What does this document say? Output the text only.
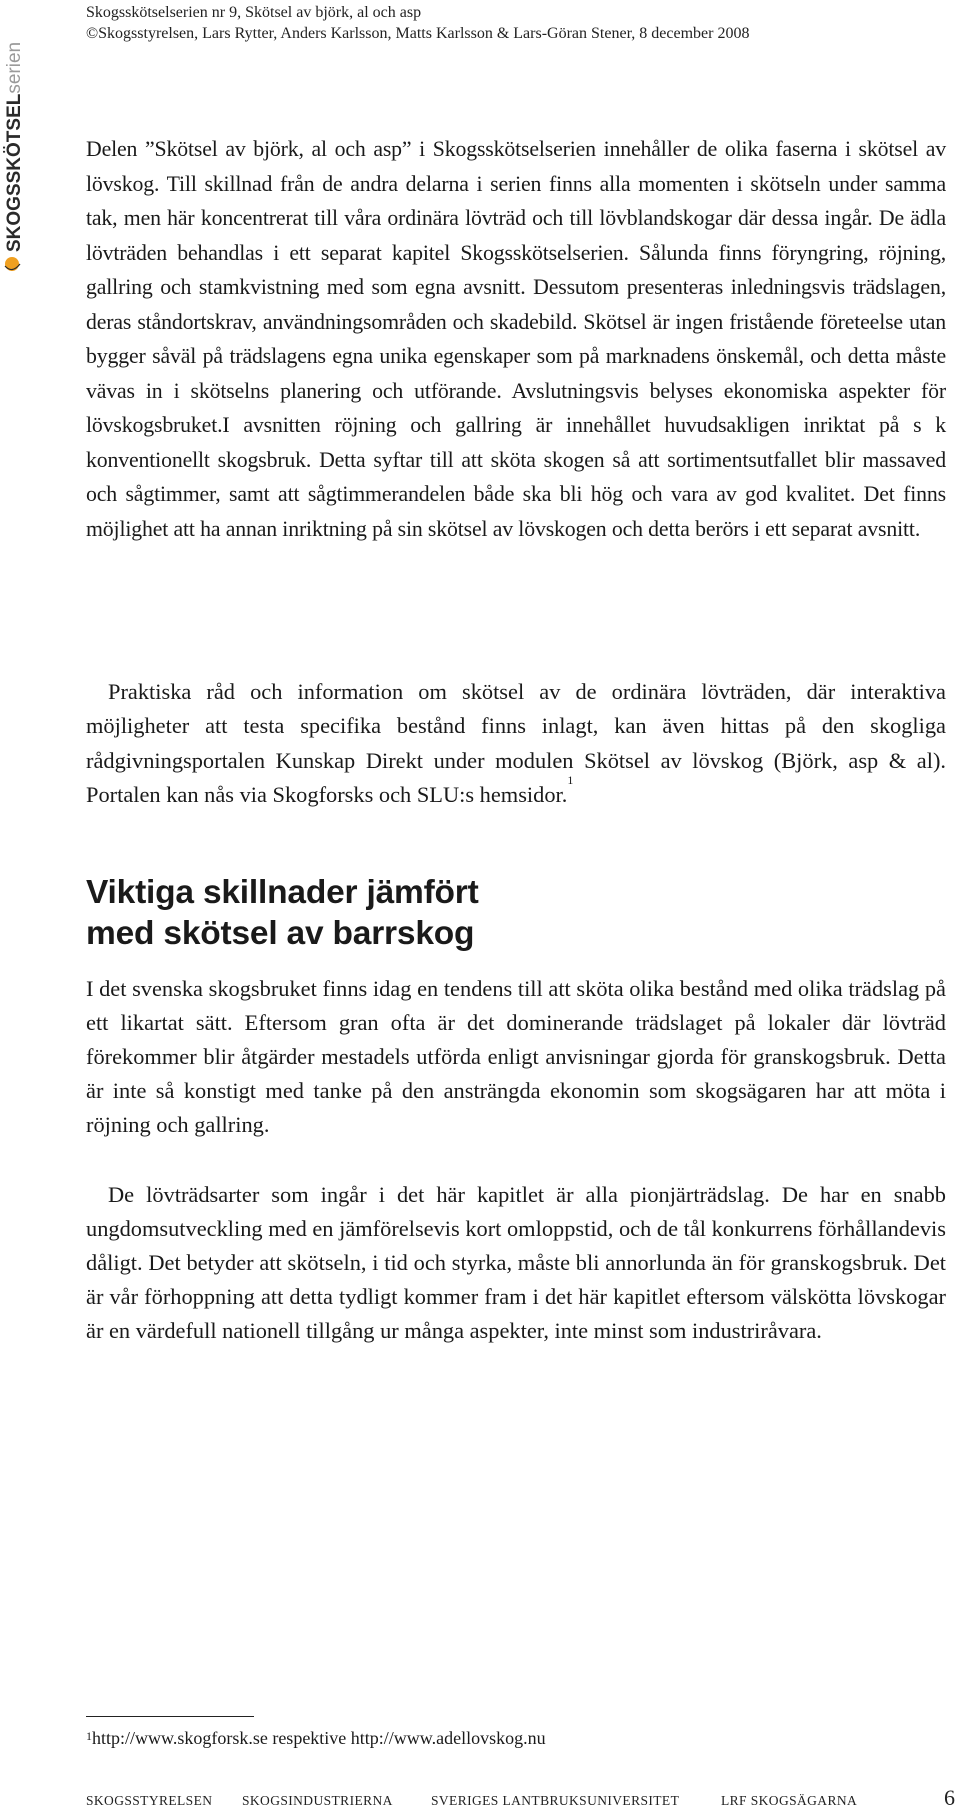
Skogsskötselserien nr 9, Skötsel av björk, al och asp
©Skogsstyrelsen, Lars Rytter, Anders Karlsson, Matts Karlsson & Lars-Göran Stener, 8 december 2008
SKOGSSKÖTSELserien
Delen ”Skötsel av björk, al och asp” i Skogsskötselserien innehåller de olika faserna i skötsel av lövskog. Till skillnad från de andra delarna i serien finns alla momenten i skötseln under samma tak, men här koncentrerat till våra ordinära lövträd och till lövblandskogar där dessa ingår. De ädla lövträden behandlas i ett separat kapitel Skogsskötselserien. Sålunda finns föryngring, röjning, gallring och stamkvistning med som egna avsnitt. Dessutom presenteras inledningsvis trädslagen, deras ståndortskrav, användningsområden och skadebild. Skötsel är ingen fristående företeelse utan bygger såväl på trädslagens egna unika egenskaper som på marknadens önskemål, och detta måste vävas in i skötselns planering och utförande. Avslutningsvis belyses ekonomiska aspekter för lövskogsbruket.I avsnitten röjning och gallring är innehållet huvudsakligen inriktat på s k konventionellt skogsbruk. Detta syftar till att sköta skogen så att sortimentsutfallet blir massaved och sågtimmer, samt att sågtimmerandelen både ska bli hög och vara av god kvalitet. Det finns möjlighet att ha annan inriktning på sin skötsel av lövskogen och detta berörs i ett separat avsnitt.
Praktiska råd och information om skötsel av de ordinära lövträden, där interaktiva möjligheter att testa specifika bestånd finns inlagt, kan även hittas på den skogliga rådgivningsportalen Kunskap Direkt under modulen Skötsel av lövskog (Björk, asp & al). Portalen kan nås via Skogforsks och SLU:s hemsidor.$^1$
Viktiga skillnader jämfört
med skötsel av barrskog
I det svenska skogsbruket finns idag en tendens till att sköta olika bestånd med olika trädslag på ett likartat sätt. Eftersom gran ofta är det dominerande trädslaget på lokaler där lövträd förekommer blir åtgärder mestadels utförda enligt anvisningar gjorda för granskogsbruk. Detta är inte så konstigt med tanke på den ansträngda ekonomin som skogsägaren har att möta i röjning och gallring.
De lövträdsarter som ingår i det här kapitlet är alla pionjärträdslag. De har en snabb ungdomsutveckling med en jämförelsevis kort omloppstid, och de tål konkurrens förhållandevis dåligt. Det betyder att skötseln, i tid och styrka, måste bli annorlunda än för granskogsbruk. Det är vår förhoppning att detta tydligt kommer fram i det här kapitlet eftersom välskötta lövskogar är en värdefull nationell tillgång ur många aspekter, inte minst som industriråvara.
$^1$http://www.skogforsk.se respektive http://www.adellovskog.nu
SKOGSSTYRELSEN SKOGSINDUSTRIERNA	SVERIGES LANTBRUKSUNIVERSITET	LRF SKOGSÄGARNA	6
